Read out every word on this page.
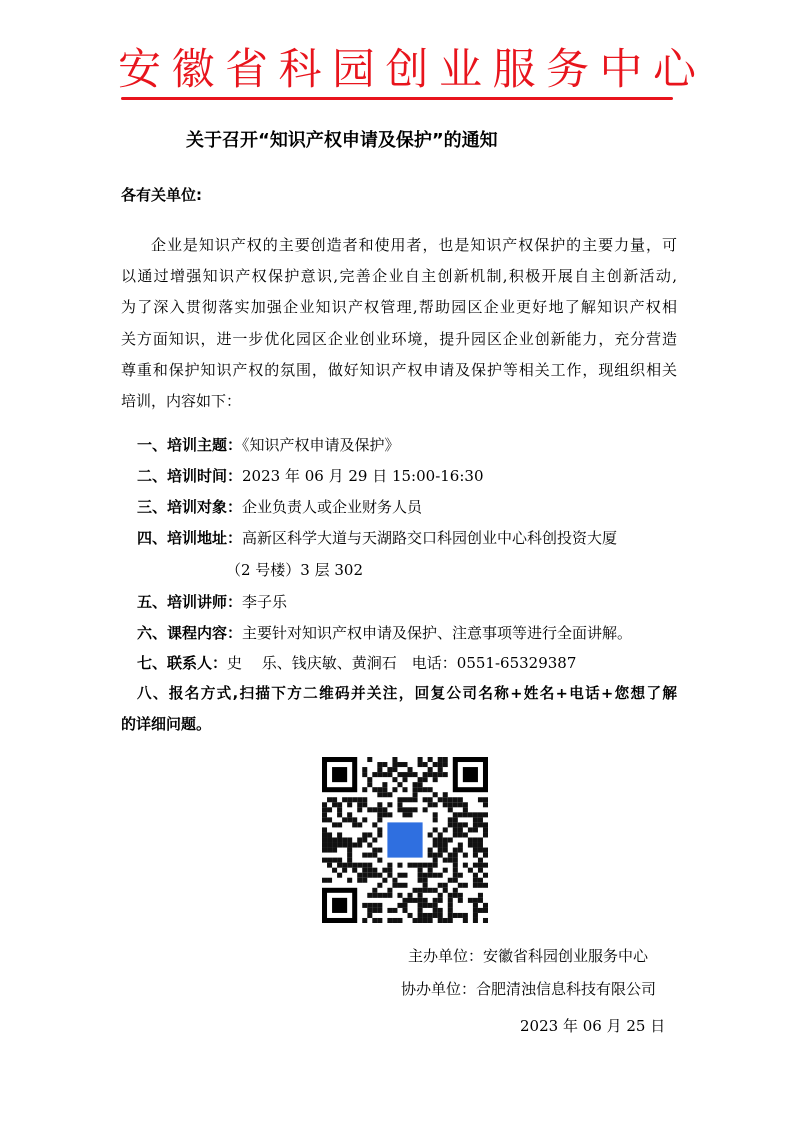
安徽省科园创业服务中心
关于召开“知识产权申请及保护”的通知
各有关单位:
企业是知识产权的主要创造者和使用者，也是知识产权保护的主要力量，可
以通过增强知识产权保护意识,完善企业自主创新机制,积极开展自主创新活动,
为了深入贯彻落实加强企业知识产权管理,帮助园区企业更好地了解知识产权相
关方面知识，进一步优化园区企业创业环境，提升园区企业创新能力，充分营造
尊重和保护知识产权的氛围，做好知识产权申请及保护等相关工作，现组织相关
培训，内容如下：
一、培训主题：《知识产权申请及保护》
二、培训时间：2023 年 06 月 29 日 15:00-16:30
三、培训对象：企业负责人或企业财务人员
四、培训地址：高新区科学大道与天湖路交口科园创业中心科创投资大厦
（2 号楼）3 层 302
五、培训讲师：李子乐
六、课程内容：主要针对知识产权申请及保护、注意事项等进行全面讲解。
七、联系人：史　 乐、钱庆敏、黄涧石　电话：0551-65329387
八、报名方式,扫描下方二维码并关注，回复公司名称+姓名+电话+您想了解
的详细问题。
主办单位：安徽省科园创业服务中心
协办单位：合肥清浊信息科技有限公司
2023 年 06 月 25 日
